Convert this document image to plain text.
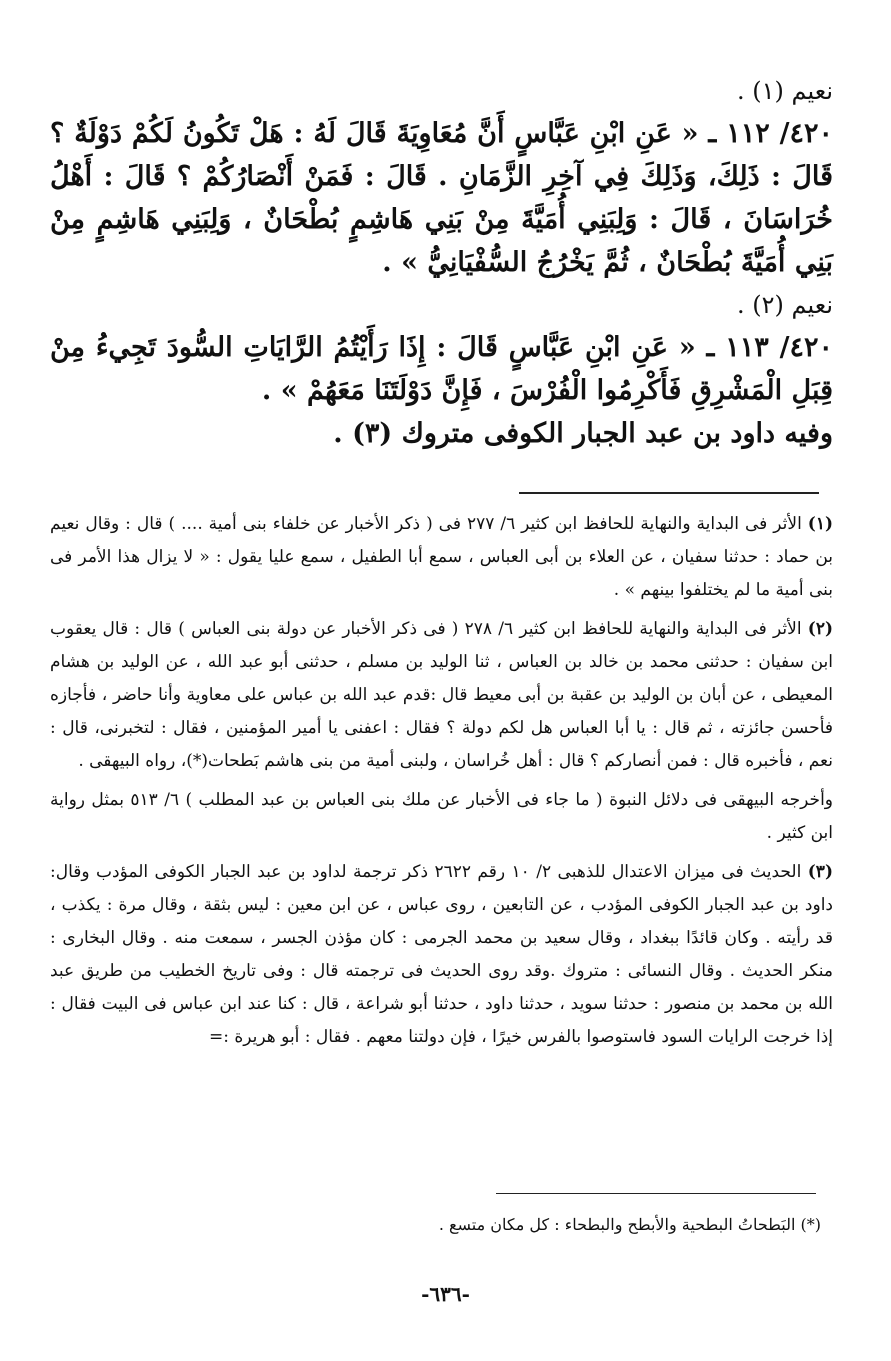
نعيم (١) .

٤٢٠/ ١١٢ ـ « عَنِ ابْنِ عَبَّاسٍ أَنَّ مُعَاوِيَةَ قَالَ لَهُ : هَلْ تَكُونُ لَكُمْ دَوْلَةٌ ؟ قَالَ : ذَلِكَ، وَذَلِكَ فِي آخِرِ الزَّمَانِ . قَالَ : فَمَنْ أَنْصَارُكُمْ ؟ قَالَ : أَهْلُ خُرَاسَانَ ، قَالَ : وَلِبَنِي أُمَيَّةَ مِنْ بَنِي هَاشِمٍ بُطْحَانٌ ، وَلِبَنِي هَاشِمٍ مِنْ بَنِي أُمَيَّةَ بُطْحَانٌ ، ثُمَّ يَخْرُجُ السُّفْيَانِيُّ » .

نعيم (٢) .

٤٢٠/ ١١٣ ـ « عَنِ ابْنِ عَبَّاسٍ قَالَ : إِذَا رَأَيْتُمُ الرَّايَاتِ السُّودَ تَجِيءُ مِنْ قِبَلِ الْمَشْرِقِ فَأَكْرِمُوا الْفُرْسَ ، فَإِنَّ دَوْلَتَنَا مَعَهُمْ » .

وفيه داود بن عبد الجبار الكوفى متروك (٣) .

(١) الأثر فى البداية والنهاية للحافظ ابن كثير ٦/ ٢٧٧ فى ( ذكر الأخبار عن خلفاء بنى أمية .... ) قال : وقال نعيم بن حماد : حدثنا سفيان ، عن العلاء بن أبى العباس ، سمع أبا الطفيل ، سمع عليا يقول : « لا يزال هذا الأمر فى بنى أمية ما لم يختلفوا بينهم » .

(٢) الأثر فى البداية والنهاية للحافظ ابن كثير ٦/ ٢٧٨ ( فى ذكر الأخبار عن دولة بنى العباس ) قال : قال يعقوب ابن سفيان : حدثنى محمد بن خالد بن العباس ، ثنا الوليد بن مسلم ، حدثنى أبو عبد الله ، عن الوليد بن هشام المعيطى ، عن أبان بن الوليد بن عقبة بن أبى معيط قال :قدم عبد الله بن عباس على معاوية وأنا حاضر ، فأجازه فأحسن جائزته ، ثم قال : يا أبا العباس هل لكم دولة ؟ فقال : اعفنى يا أمير المؤمنين ، فقال : لتخبرنى، قال : نعم ، فأخبره قال : فمن أنصاركم ؟ قال : أهل خُراسان ، ولبنى أمية من بنى هاشم بَطحات(*)، رواه البيهقى .

وأخرجه البيهقى فى دلائل النبوة ( ما جاء فى الأخبار عن ملك بنى العباس بن عبد المطلب ) ٦/ ٥١٣ بمثل رواية ابن كثير .

(٣) الحديث فى ميزان الاعتدال للذهبى ٢/ ١٠ رقم ٢٦٢٢ ذكر ترجمة لداود بن عبد الجبار الكوفى المؤدب وقال: داود بن عبد الجبار الكوفى المؤدب ، عن التابعين ، روى عباس ، عن ابن معين : ليس بثقة ، وقال مرة : يكذب ، قد رأيته . وكان قائدًا ببغداد ، وقال سعيد بن محمد الجرمى : كان مؤذن الجسر ، سمعت منه . وقال البخارى : منكر الحديث . وقال النسائى : متروك .وقد روى الحديث فى ترجمته قال : وفى تاريخ الخطيب من طريق عبد الله بن محمد بن منصور : حدثنا سويد ، حدثنا داود ، حدثنا أبو شراعة ، قال : كنا عند ابن عباس فى البيت فقال : إذا خرجت الرايات السود فاستوصوا بالفرس خيرًا ، فإن دولتنا معهم . فقال : أبو هريرة :=

(*) البَطحاتُ البطحية والأبطح والبطحاء : كل مكان متسع .

-٦٣٦-
